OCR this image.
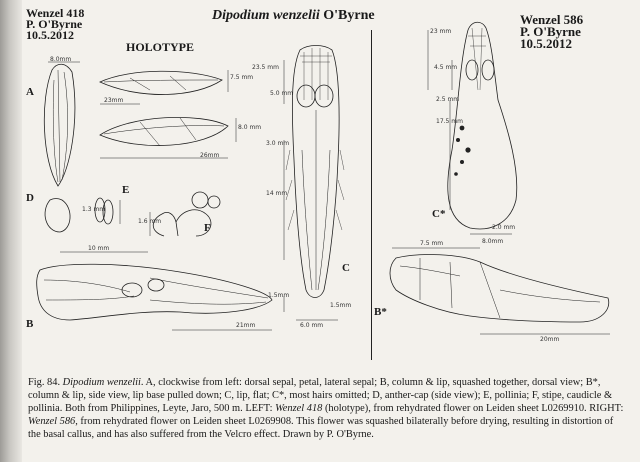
Wenzel 418
P. O'Byrne
10.5.2012
Dipodium wenzelii O'Byrne	Wenzel 586
P. O'Byrne
10.5.2012
HOLOTYPE
A
B
C
D
E
F
B*
C*
8.0mm
7.5 mm
23mm
8.0 mm
26mm
1.3 mm
1.6 mm
10 mm
21mm
23.5 mm
5.0 mm
3.0 mm
14 mm
1.5mm
6.0 mm
1.5mm
23 mm
4.5 mm
2.5 mm
17.5 mm
2.0 mm
8.0mm
7.5 mm
20mm

Fig. 84. Dipodium wenzelii. A, clockwise from left: dorsal sepal, petal, lateral sepal; B, column & lip, squashed together, dorsal view; B*, column & lip, side view, lip base pulled down; C, lip, flat; C*, most hairs omitted; D, anther-cap (side view); E, pollinia; F, stipe, caudicle & pollinia. Both from Philippines, Leyte, Jaro, 500 m. LEFT: Wenzel 418 (holotype), from rehydrated flower on Leiden sheet L0269910. RIGHT: Wenzel 586, from rehydrated flower on Leiden sheet L0269908. This flower was squashed bilaterally before drying, resulting in distortion of the basal callus, and has also suffered from the Velcro effect. Drawn by P. O'Byrne.
